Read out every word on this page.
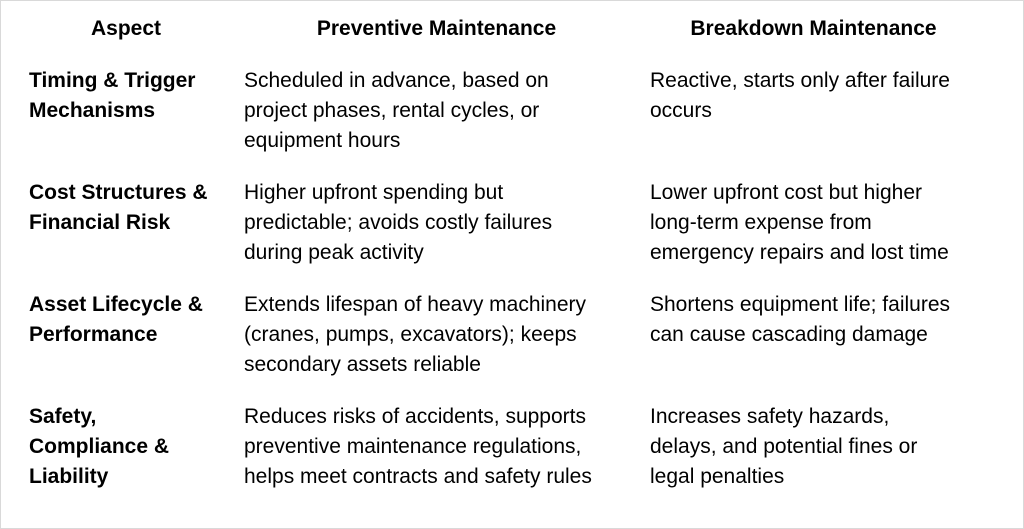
Aspect	Preventive Maintenance	Breakdown Maintenance
Timing & Trigger
Mechanisms
Scheduled in advance, based on
project phases, rental cycles, or
equipment hours
Reactive, starts only after failure
occurs
Cost Structures &
Financial Risk
Higher upfront spending but
predictable; avoids costly failures
during peak activity
Lower upfront cost but higher
long-term expense from
emergency repairs and lost time
Asset Lifecycle &
Performance
Extends lifespan of heavy machinery
(cranes, pumps, excavators); keeps
secondary assets reliable
Shortens equipment life; failures
can cause cascading damage
Safety,
Compliance &
Liability
Reduces risks of accidents, supports
preventive maintenance regulations,
helps meet contracts and safety rules
Increases safety hazards,
delays, and potential fines or
legal penalties
